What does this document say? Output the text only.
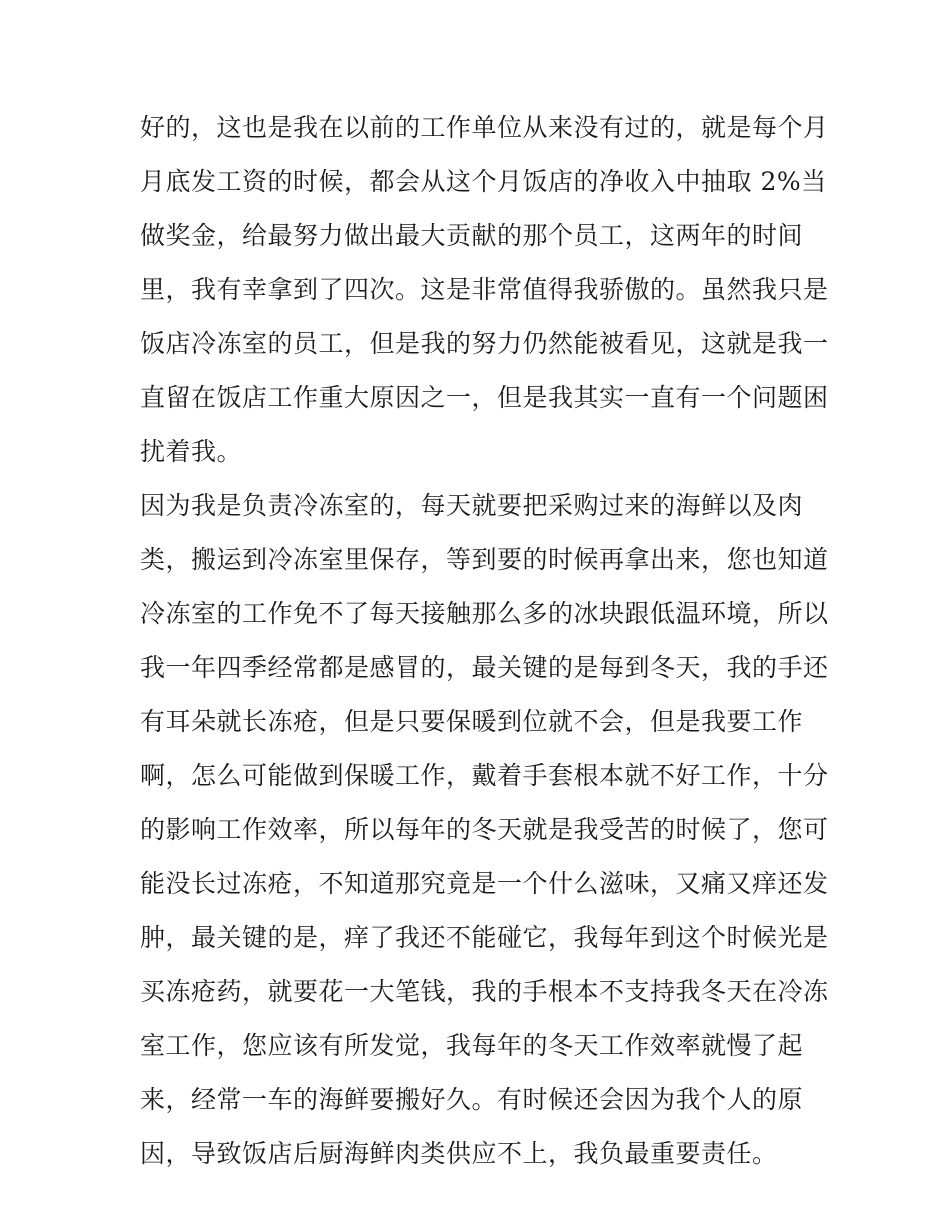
好的，这也是我在以前的工作单位从来没有过的，就是每个月
月底发工资的时候，都会从这个月饭店的净收入中抽取 2%当
做奖金，给最努力做出最大贡献的那个员工，这两年的时间
里，我有幸拿到了四次。这是非常值得我骄傲的。虽然我只是
饭店冷冻室的员工，但是我的努力仍然能被看见，这就是我一
直留在饭店工作重大原因之一，但是我其实一直有一个问题困
扰着我。
因为我是负责冷冻室的，每天就要把采购过来的海鲜以及肉
类，搬运到冷冻室里保存，等到要的时候再拿出来，您也知道
冷冻室的工作免不了每天接触那么多的冰块跟低温环境，所以
我一年四季经常都是感冒的，最关键的是每到冬天，我的手还
有耳朵就长冻疮，但是只要保暖到位就不会，但是我要工作
啊，怎么可能做到保暖工作，戴着手套根本就不好工作，十分
的影响工作效率，所以每年的冬天就是我受苦的时候了，您可
能没长过冻疮，不知道那究竟是一个什么滋味，又痛又痒还发
肿，最关键的是，痒了我还不能碰它，我每年到这个时候光是
买冻疮药，就要花一大笔钱，我的手根本不支持我冬天在冷冻
室工作，您应该有所发觉，我每年的冬天工作效率就慢了起
来，经常一车的海鲜要搬好久。有时候还会因为我个人的原
因，导致饭店后厨海鲜肉类供应不上，我负最重要责任。
